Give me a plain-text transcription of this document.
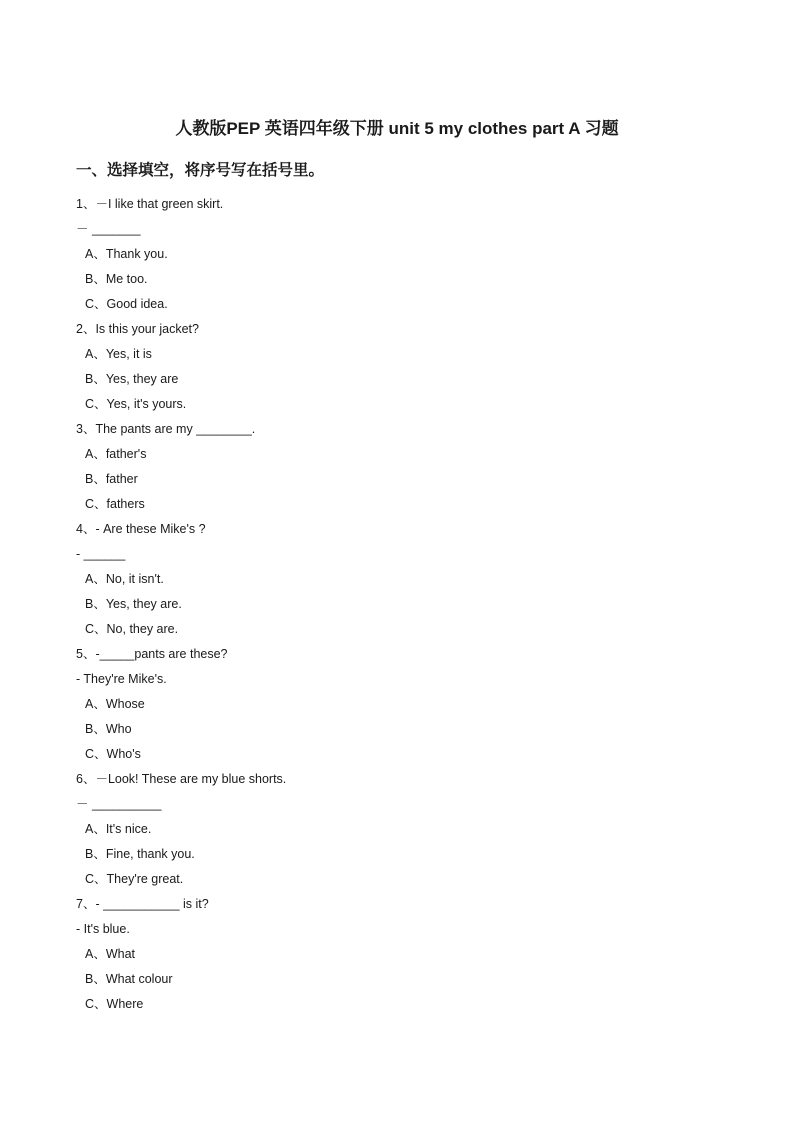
人教版PEP 英语四年级下册 unit 5 my clothes part A 习题
一、选择填空，将序号写在括号里。
1、－I like that green skirt.
－ _______
A、Thank you.
B、Me too.
C、Good idea.
2、Is this your jacket?
A、Yes, it is
B、Yes, they are
C、Yes, it's yours.
3、The pants are my ________.
A、father's
B、father
C、fathers
4、- Are these Mike's ?
- ______
A、No, it isn't.
B、Yes, they are.
C、No, they are.
5、-_____pants are these?
- They're Mike's.
A、Whose
B、Who
C、Who's
6、－Look! These are my blue shorts.
－ __________
A、It's nice.
B、Fine, thank you.
C、They're great.
7、- ___________ is it?
- It's blue.
A、What
B、What colour
C、Where
